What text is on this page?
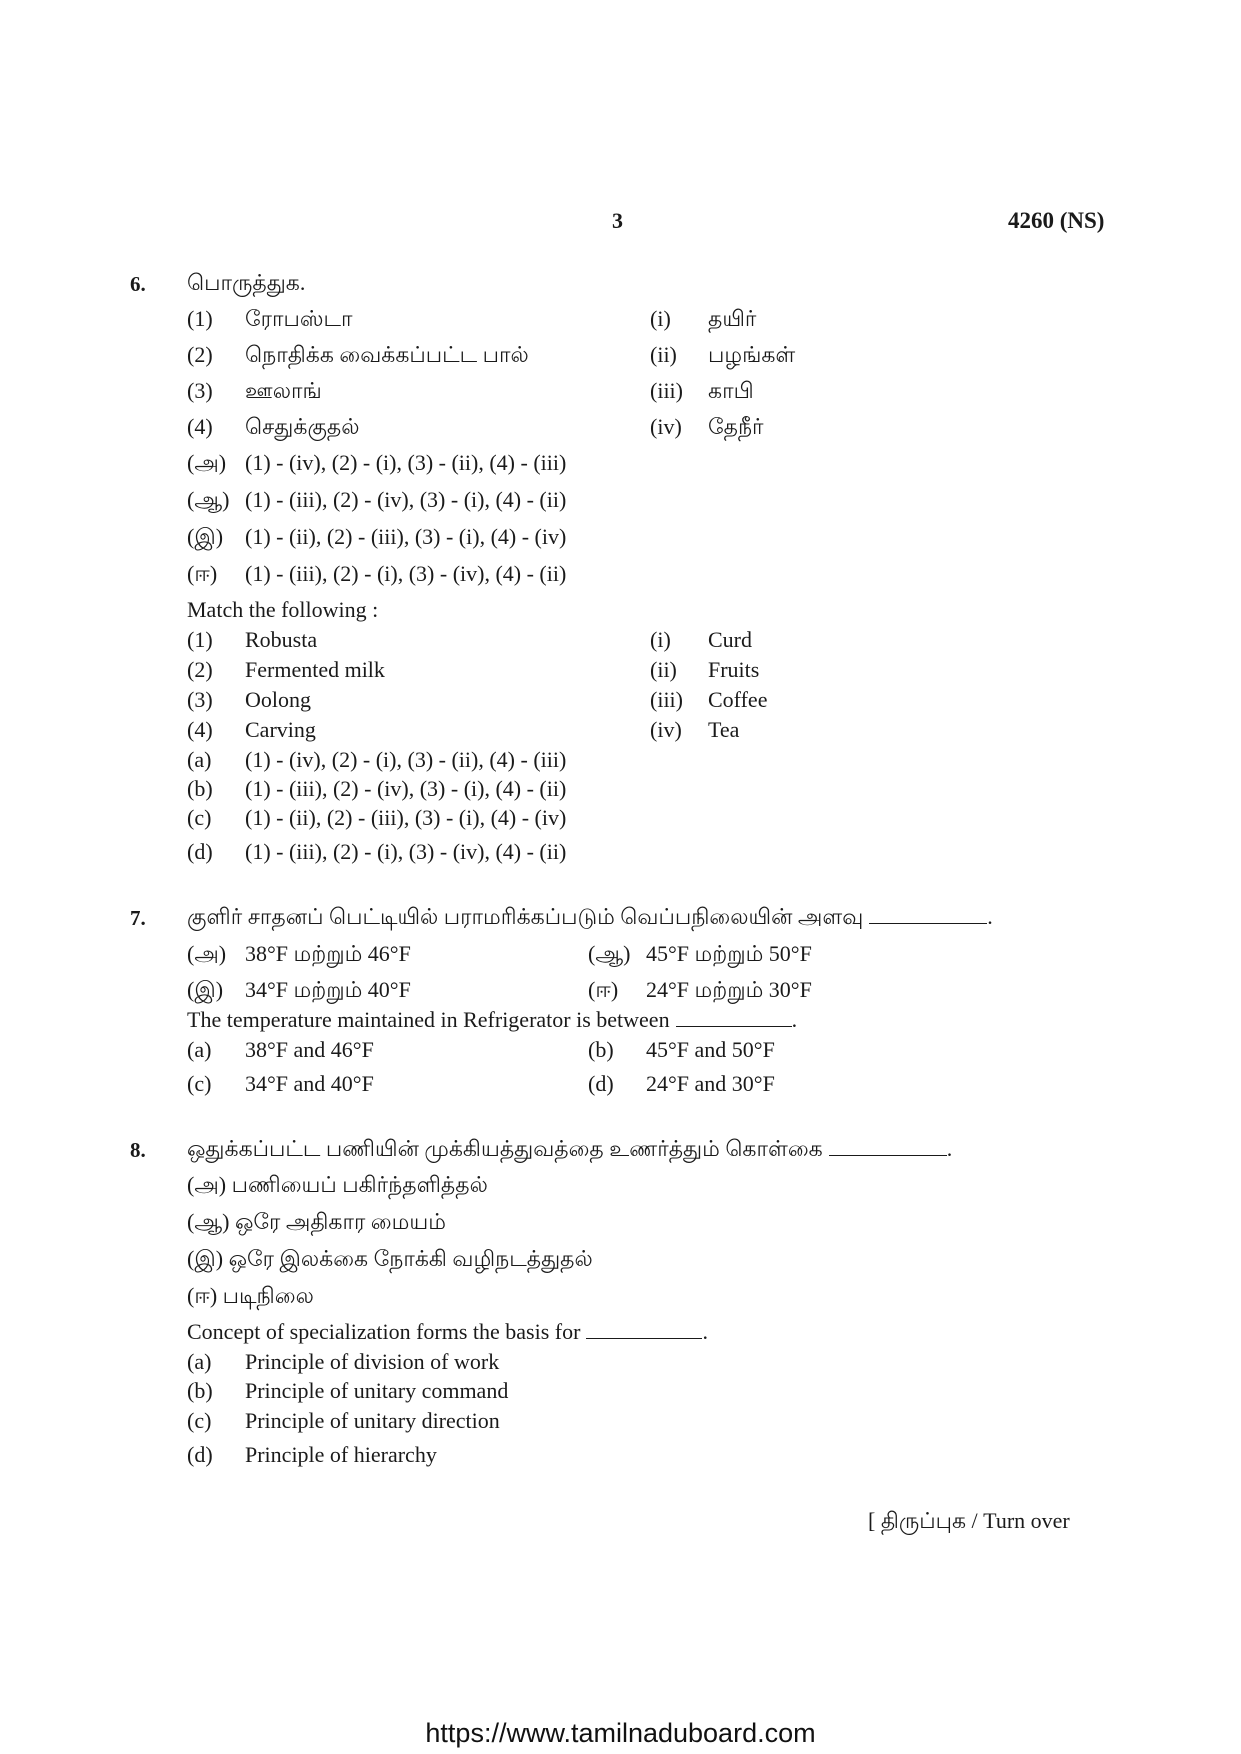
3	4260 (NS)
6. பொருத்துக.
(1) ரோபஸ்டா	(i) தயிர்
(2) நொதிக்க வைக்கப்பட்ட பால்	(ii) பழங்கள்
(3) ஊலாங்	(iii) காபி
(4) செதுக்குதல்	(iv) தேநீர்
(அ) (1) - (iv), (2) - (i), (3) - (ii), (4) - (iii)
(ஆ) (1) - (iii), (2) - (iv), (3) - (i), (4) - (ii)
(இ) (1) - (ii), (2) - (iii), (3) - (i), (4) - (iv)
(ஈ) (1) - (iii), (2) - (i), (3) - (iv), (4) - (ii)
Match the following :
(1) Robusta	(i) Curd
(2) Fermented milk	(ii) Fruits
(3) Oolong	(iii) Coffee
(4) Carving	(iv) Tea
(a) (1) - (iv), (2) - (i), (3) - (ii), (4) - (iii)
(b) (1) - (iii), (2) - (iv), (3) - (i), (4) - (ii)
(c) (1) - (ii), (2) - (iii), (3) - (i), (4) - (iv)
(d) (1) - (iii), (2) - (i), (3) - (iv), (4) - (ii)
7. குளிர் சாதனப் பெட்டியில் பராமரிக்கப்படும் வெப்பநிலையின் அளவு	.
(அ) 38°F மற்றும் 46°F	(ஆ) 45°F மற்றும் 50°F
(இ) 34°F மற்றும் 40°F	(ஈ) 24°F மற்றும் 30°F
The temperature maintained in Refrigerator is between	.
(a) 38°F and 46°F	(b) 45°F and 50°F
(c) 34°F and 40°F	(d) 24°F and 30°F
8. ஒதுக்கப்பட்ட பணியின் முக்கியத்துவத்தை உணர்த்தும் கொள்கை	.
(அ) பணியைப் பகிர்ந்தளித்தல்
(ஆ) ஒரே அதிகார மையம்
(இ) ஒரே இலக்கை நோக்கி வழிநடத்துதல்
(ஈ) படிநிலை
Concept of specialization forms the basis for	.
(a) Principle of division of work
(b) Principle of unitary command
(c) Principle of unitary direction
(d) Principle of hierarchy
[ திருப்புக / Turn over
https://www.tamilnaduboard.com
